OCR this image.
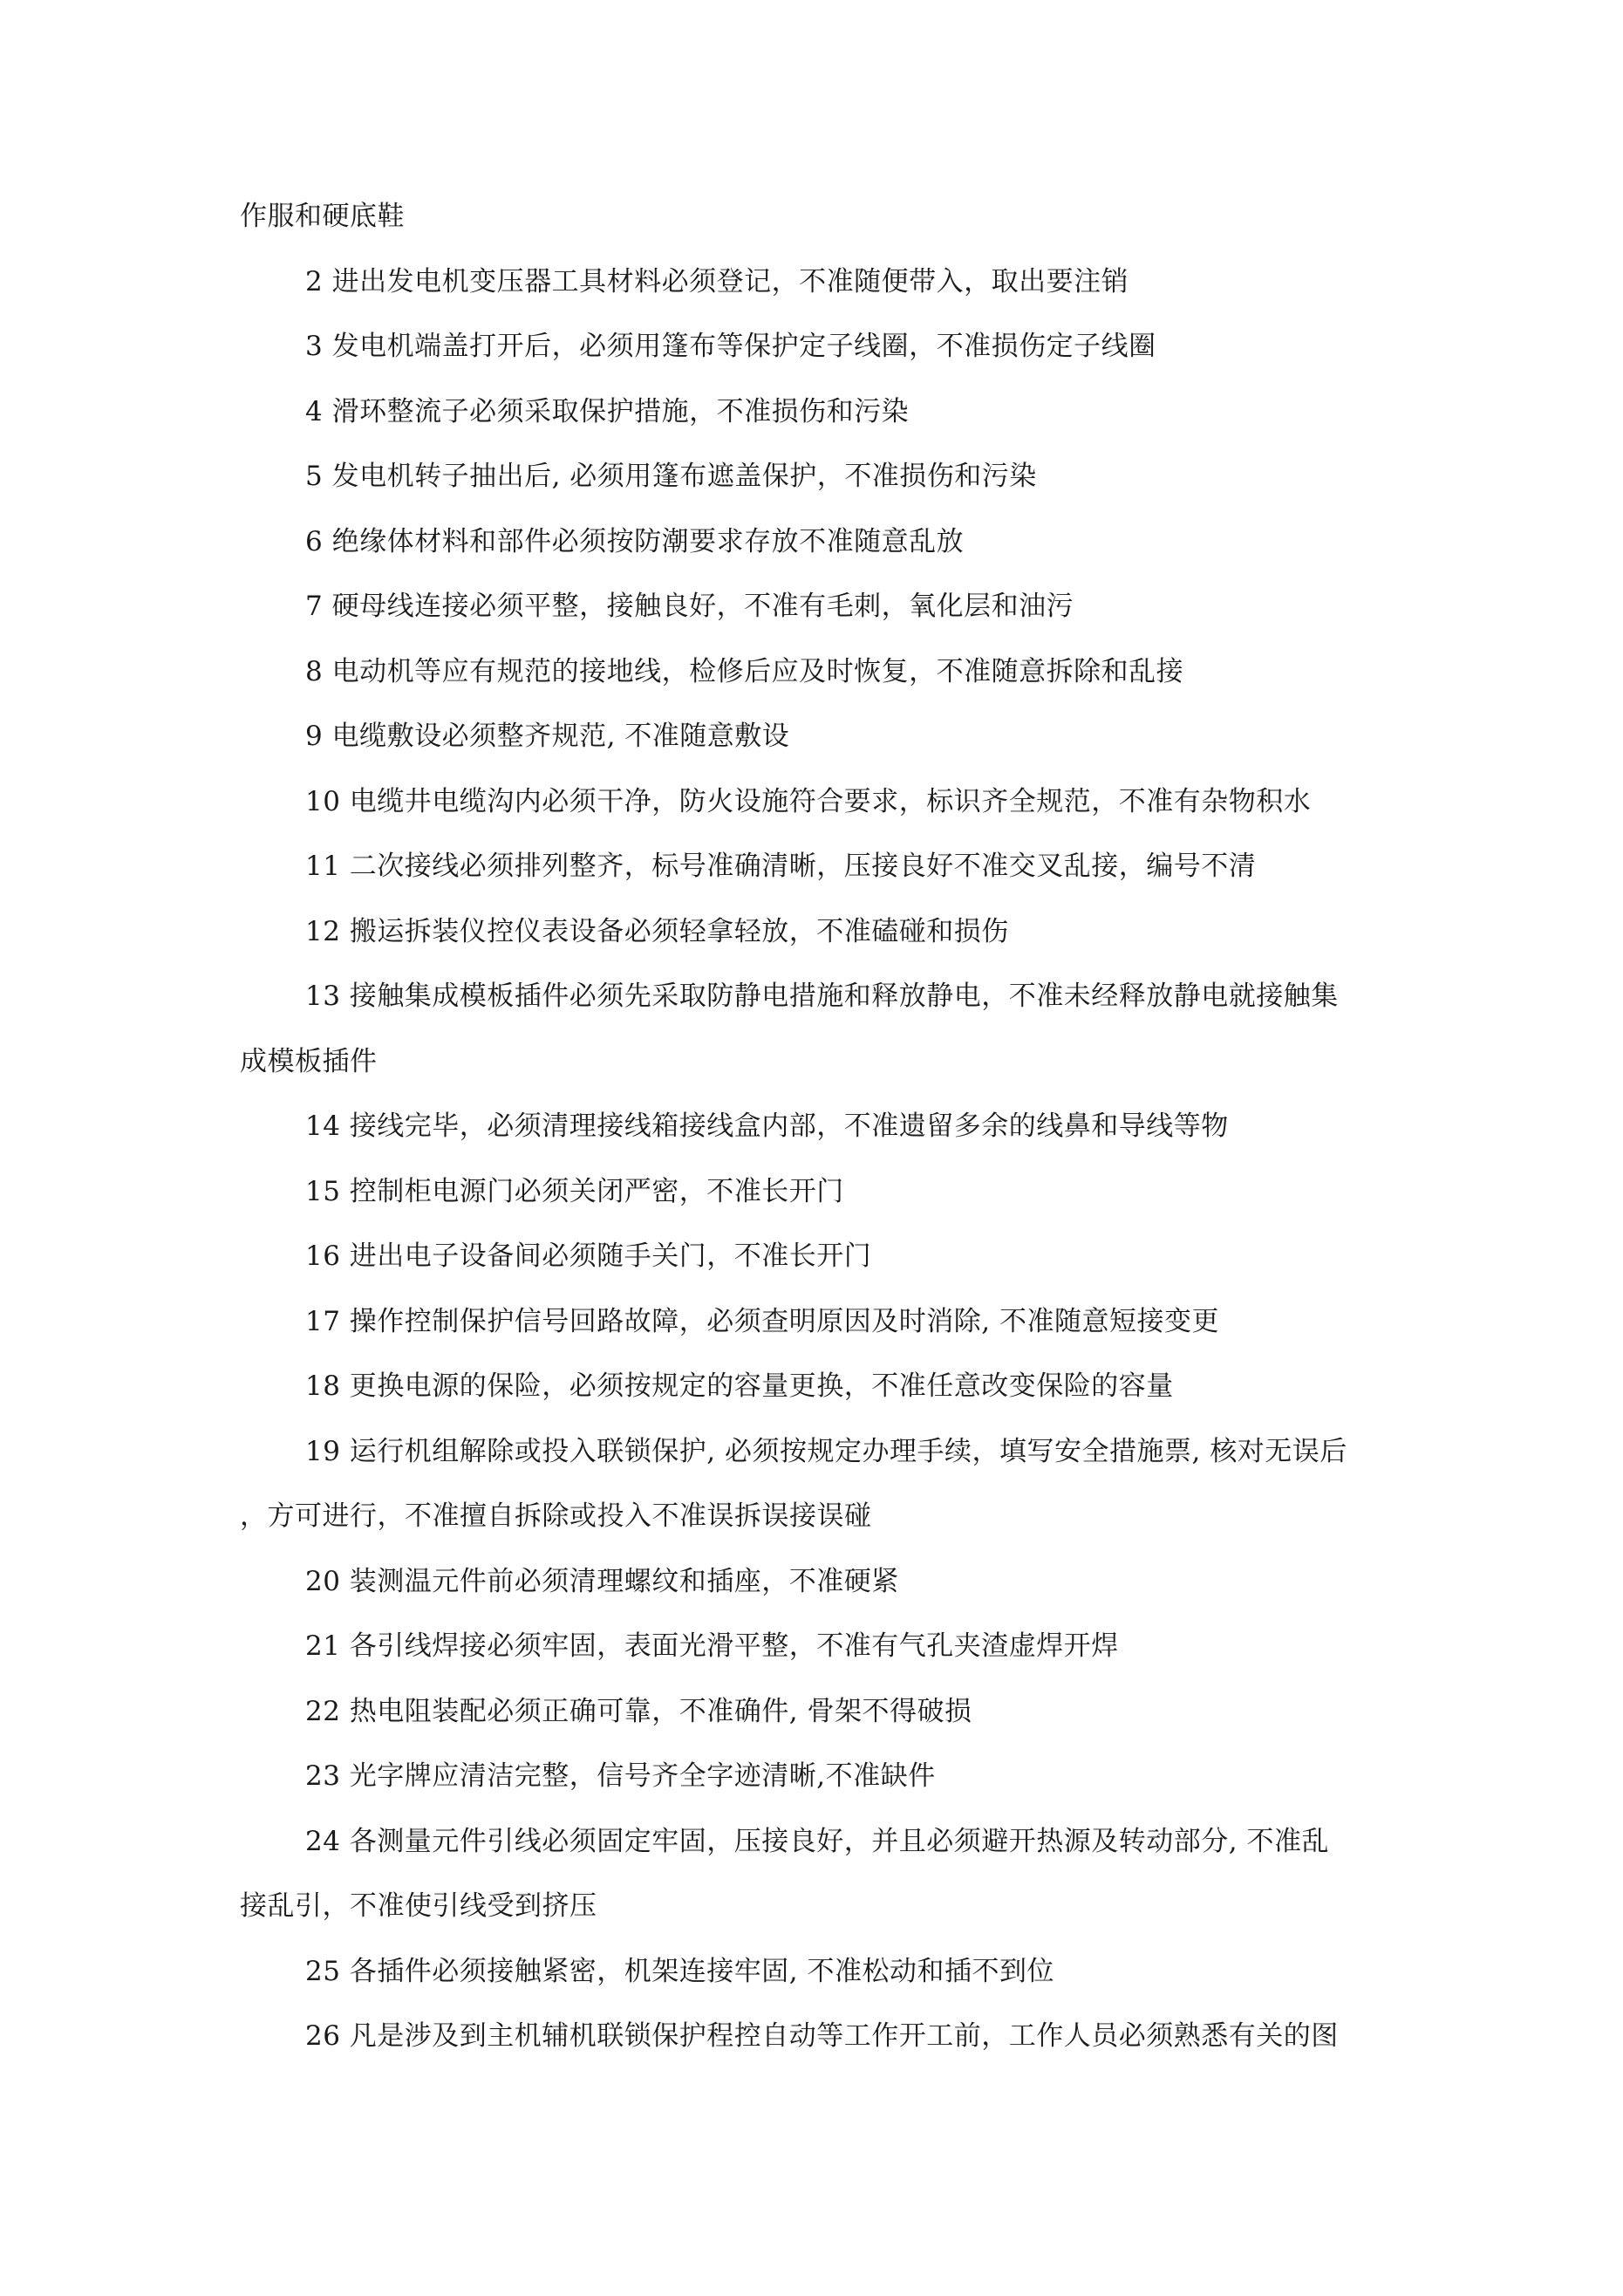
作服和硬底鞋
2 进出发电机变压器工具材料必须登记，不准随便带入，取出要注销
3 发电机端盖打开后，必须用篷布等保护定子线圈，不准损伤定子线圈
4 滑环整流子必须采取保护措施，不准损伤和污染
5 发电机转子抽出后, 必须用篷布遮盖保护，不准损伤和污染
6 绝缘体材料和部件必须按防潮要求存放不准随意乱放
7 硬母线连接必须平整，接触良好，不准有毛刺，氧化层和油污
8 电动机等应有规范的接地线，检修后应及时恢复，不准随意拆除和乱接
9 电缆敷设必须整齐规范, 不准随意敷设
10 电缆井电缆沟内必须干净，防火设施符合要求，标识齐全规范，不准有杂物积水
11 二次接线必须排列整齐，标号准确清晰，压接良好不准交叉乱接，编号不清
12 搬运拆装仪控仪表设备必须轻拿轻放，不准磕碰和损伤
13 接触集成模板插件必须先采取防静电措施和释放静电，不准未经释放静电就接触集
成模板插件
14 接线完毕，必须清理接线箱接线盒内部，不准遗留多余的线鼻和导线等物
15 控制柜电源门必须关闭严密，不准长开门
16 进出电子设备间必须随手关门，不准长开门
17 操作控制保护信号回路故障，必须查明原因及时消除, 不准随意短接变更
18 更换电源的保险，必须按规定的容量更换，不准任意改变保险的容量
19 运行机组解除或投入联锁保护, 必须按规定办理手续，填写安全措施票, 核对无误后
，方可进行，不准擅自拆除或投入不准误拆误接误碰
20 装测温元件前必须清理螺纹和插座，不准硬紧
21 各引线焊接必须牢固，表面光滑平整，不准有气孔夹渣虚焊开焊
22 热电阻装配必须正确可靠，不准确件, 骨架不得破损
23 光字牌应清洁完整，信号齐全字迹清晰,不准缺件
24 各测量元件引线必须固定牢固，压接良好，并且必须避开热源及转动部分, 不准乱
接乱引，不准使引线受到挤压
25 各插件必须接触紧密，机架连接牢固, 不准松动和插不到位
26 凡是涉及到主机辅机联锁保护程控自动等工作开工前，工作人员必须熟悉有关的图
